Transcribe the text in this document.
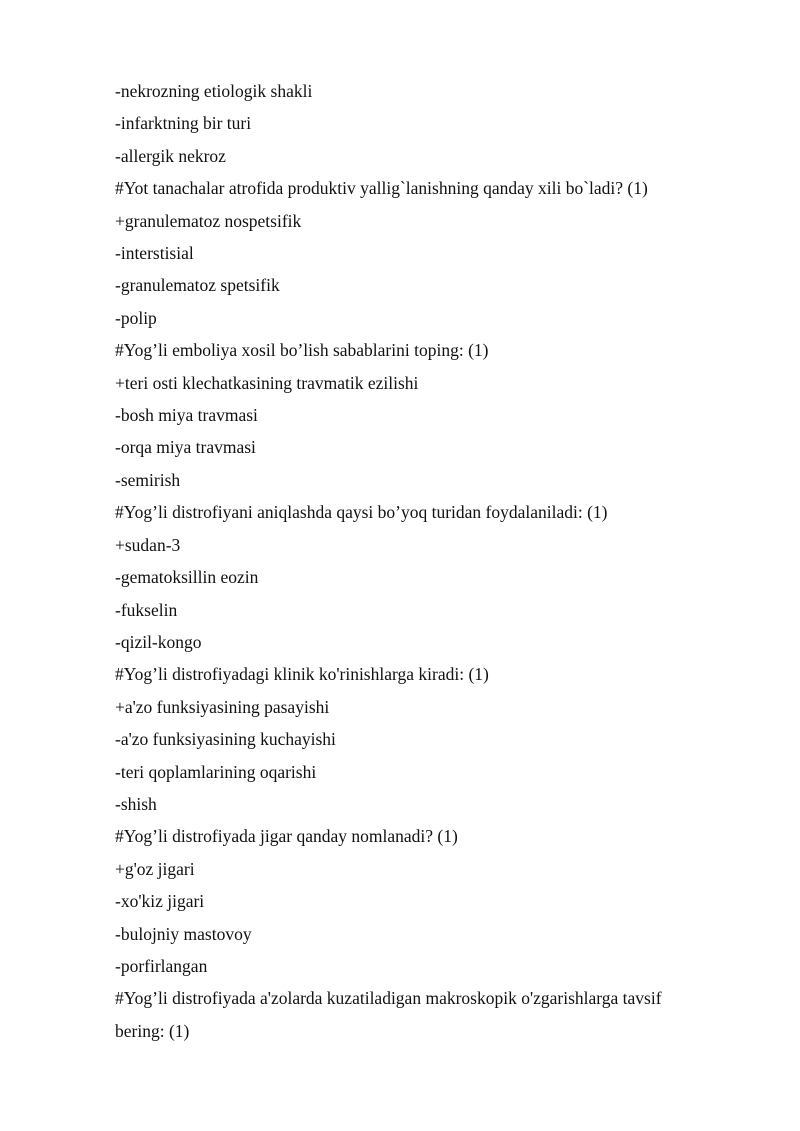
-nekrozning etiologik shakli
-infarktning bir turi
-allergik nekroz
#Yot tanachalar atrofida produktiv yallig`lanishning qanday xili bo`ladi? (1)
+granulematoz nospetsifik
-interstisial
-granulematoz spetsifik
-polip
#Yog’li emboliya xosil bo’lish sabablarini toping: (1)
+teri osti klechatkasining travmatik ezilishi
-bosh miya travmasi
-orqa miya travmasi
-semirish
#Yog’li distrofiyani aniqlashda qaysi bo’yoq turidan foydalaniladi: (1)
+sudan-3
-gematoksillin eozin
-fukselin
-qizil-kongo
#Yog’li distrofiyadagi klinik ko'rinishlarga kiradi: (1)
+a'zo funksiyasining pasayishi
-a'zo funksiyasining kuchayishi
-teri qoplamlarining oqarishi
-shish
#Yog’li distrofiyada jigar qanday nomlanadi? (1)
+g'oz jigari
-xo'kiz jigari
-bulojniy mastovoy
-porfirlangan
#Yog’li distrofiyada a'zolarda kuzatiladigan makroskopik o'zgarishlarga tavsif
bering: (1)
